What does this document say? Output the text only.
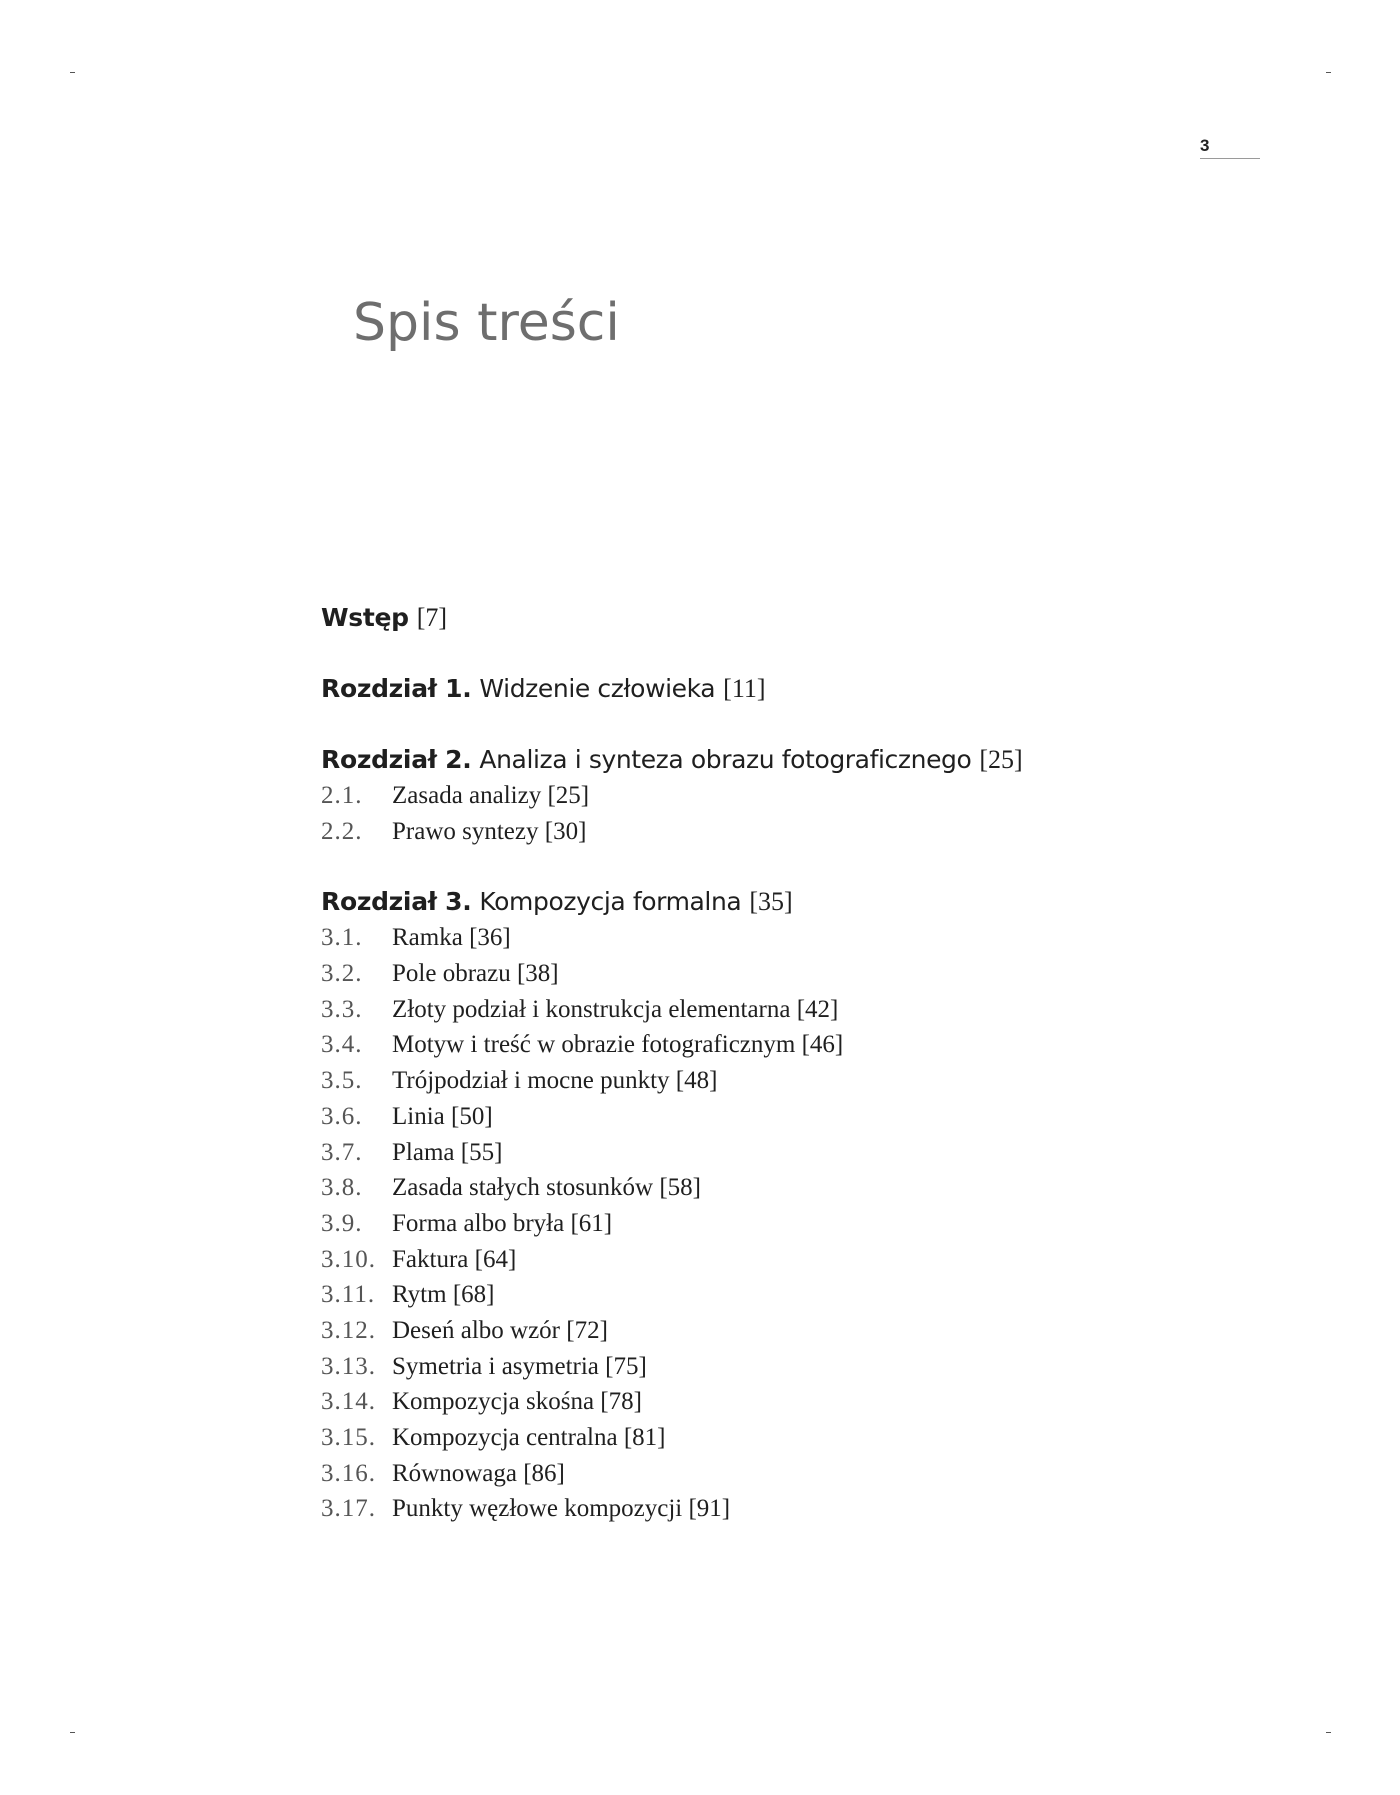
3
Spis treści
Wstęp [7]
Rozdział 1. Widzenie człowieka [11]
Rozdział 2. Analiza i synteza obrazu fotograficznego [25]
2.1. Zasada analizy [25]
2.2. Prawo syntezy [30]
Rozdział 3. Kompozycja formalna [35]
3.1. Ramka [36]
3.2. Pole obrazu [38]
3.3. Złoty podział i konstrukcja elementarna [42]
3.4. Motyw i treść w obrazie fotograficznym [46]
3.5. Trójpodział i mocne punkty [48]
3.6. Linia [50]
3.7. Plama [55]
3.8. Zasada stałych stosunków [58]
3.9. Forma albo bryła [61]
3.10. Faktura [64]
3.11. Rytm [68]
3.12. Deseń albo wzór [72]
3.13. Symetria i asymetria [75]
3.14. Kompozycja skośna [78]
3.15. Kompozycja centralna [81]
3.16. Równowaga [86]
3.17. Punkty węzłowe kompozycji [91]
